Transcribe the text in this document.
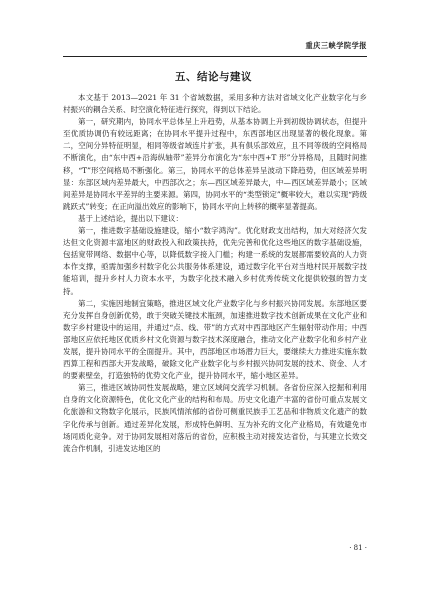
重庆三峡学院学报
五、结论与建议

本文基于 2013—2021 年 31 个省域数据，采用多种方法对省域文化产业数字化与乡村振兴的耦合关系、时空演化特征进行探究，得到以下结论。

第一，研究期内，协同水平总体呈上升趋势，从基本协调上升到初级协调状态，但提升至优质协调仍有较远距离；在协同水平提升过程中，东西部地区出现显著的极化现象。第二，空间分异特征明显，相同等级省域连片扩张，具有俱乐部效应，且不同等级的空间格局不断演化，由“东中西+沿海纵轴带”差异分布演化为“东中西+T 形”分异格局，且随时间推移，“T”形空间格局不断强化。第三，协同水平的总体差异呈波动下降趋势，但区域差异明显：东部区域内差异最大，中西部次之；东—西区域差异最大，中—西区域差异最小；区域间差异是协同水平差异的主要来源。第四，协同水平的“类型锁定”概率较大，难以实现“跨级跳跃式”转变；在正向溢出效应的影响下，协同水平向上转移的概率显著提高。

基于上述结论，提出以下建议：

第一，推进数字基础设施建设，缩小“数字鸿沟”。优化财政支出结构，加大对经济欠发达但文化资源丰富地区的财政投入和政策扶持，优先完善和优化这些地区的数字基础设施，包括宽带网络、数据中心等，以降低数字接入门槛；构建一系统的发展都需要较高的人力资本作支撑，亟需加强乡村数字化公共服务体系建设，通过数字化平台对当地村民开展数字技能培训，提升乡村人力资本水平，为数字化技术融入乡村优秀传统文化提供较强的智力支持。

第二，实施因地制宜策略，推进区域文化产业数字化与乡村振兴协同发展。东部地区要充分发挥自身创新优势，敢于突破关键技术瓶颈，加速推进数字技术创新成果在文化产业和数字乡村建设中的运用，并通过“点、线、带”的方式对中西部地区产生辐射带动作用；中西部地区应依托地区优质乡村文化资源与数字技术深度融合，推动文化产业数字化和乡村产业发展，提升协同水平的全面提升。其中，西部地区市场潜力巨大，要继续大力推进实施东数西算工程和西部大开发战略，破除文化产业数字化与乡村振兴协同发展的技术、资金、人才的要素壁垒，打造独特的优势文化产业，提升协同水平，缩小地区差异。

第三，推进区域协同性发展战略，建立区域间交流学习机制。各省份应深入挖掘和利用自身的文化资源特色，优化文化产业的结构和布局。历史文化遗产丰富的省份可重点发展文化旅游和文物数字化展示，民族风情浓郁的省份可侧重民族手工艺品和非物质文化遗产的数字化传承与创新。通过差异化发展，形成特色鲜明、互为补充的文化产业格局，有效避免市场同质化竞争。对于协同发展相对落后的省份，应积极主动对接发达省份，与其建立长效交流合作机制，引进发达地区的

· 81 ·
